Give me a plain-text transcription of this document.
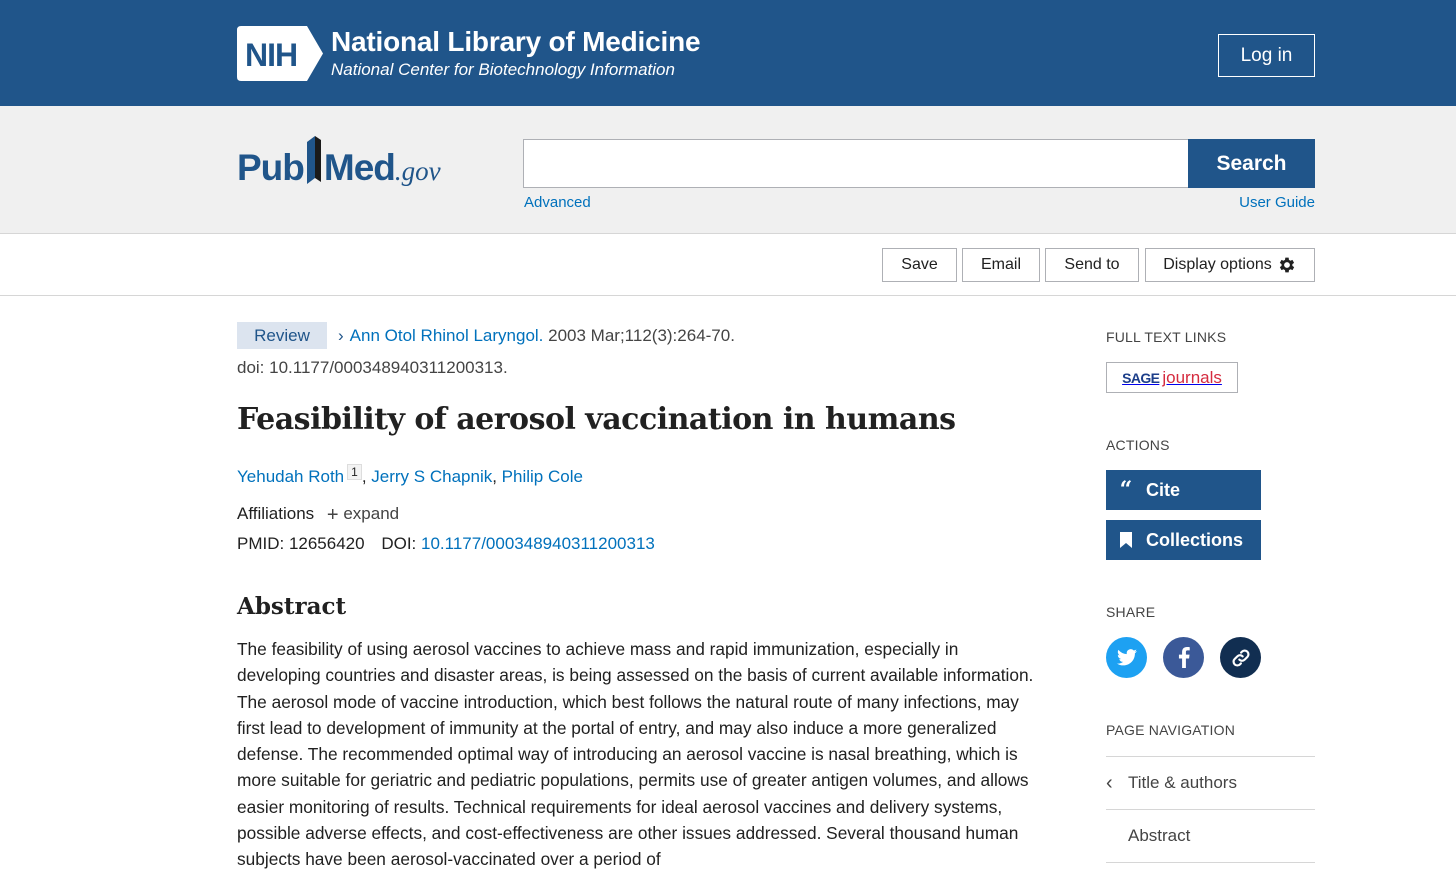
NIH National Library of Medicine
National Center for Biotechnology Information
Log in
Pub Med.gov	Search
Advanced	User Guide
Save	Email	Send to	Display options
Review	› Ann Otol Rhinol Laryngol. 2003 Mar;112(3):264-70.
doi: 10.1177/000348940311200313.
Feasibility of aerosol vaccination in humans
Yehudah Roth 1 , Jerry S Chapnik, Philip Cole
Affiliations + expand
PMID: 12656420 DOI: 10.1177/000348940311200313
Abstract

The feasibility of using aerosol vaccines to achieve mass and rapid immunization, especially in developing countries and disaster areas, is being assessed on the basis of current available information. The aerosol mode of vaccine introduction, which best follows the natural route of many infections, may first lead to development of immunity at the portal of entry, and may also induce a more generalized defense. The recommended optimal way of introducing an aerosol vaccine is nasal breathing, which is more suitable for geriatric and pediatric populations, permits use of greater antigen volumes, and allows easier monitoring of results. Technical requirements for ideal aerosol vaccines and delivery systems, possible adverse effects, and cost-effectiveness are other issues addressed. Several thousand human subjects have been aerosol-vaccinated over a period of

FULL TEXT LINKS
SAGE journals
ACTIONS
“ Cite
Collections
SHARE
PAGE NAVIGATION
‹ Title & authors
Abstract
